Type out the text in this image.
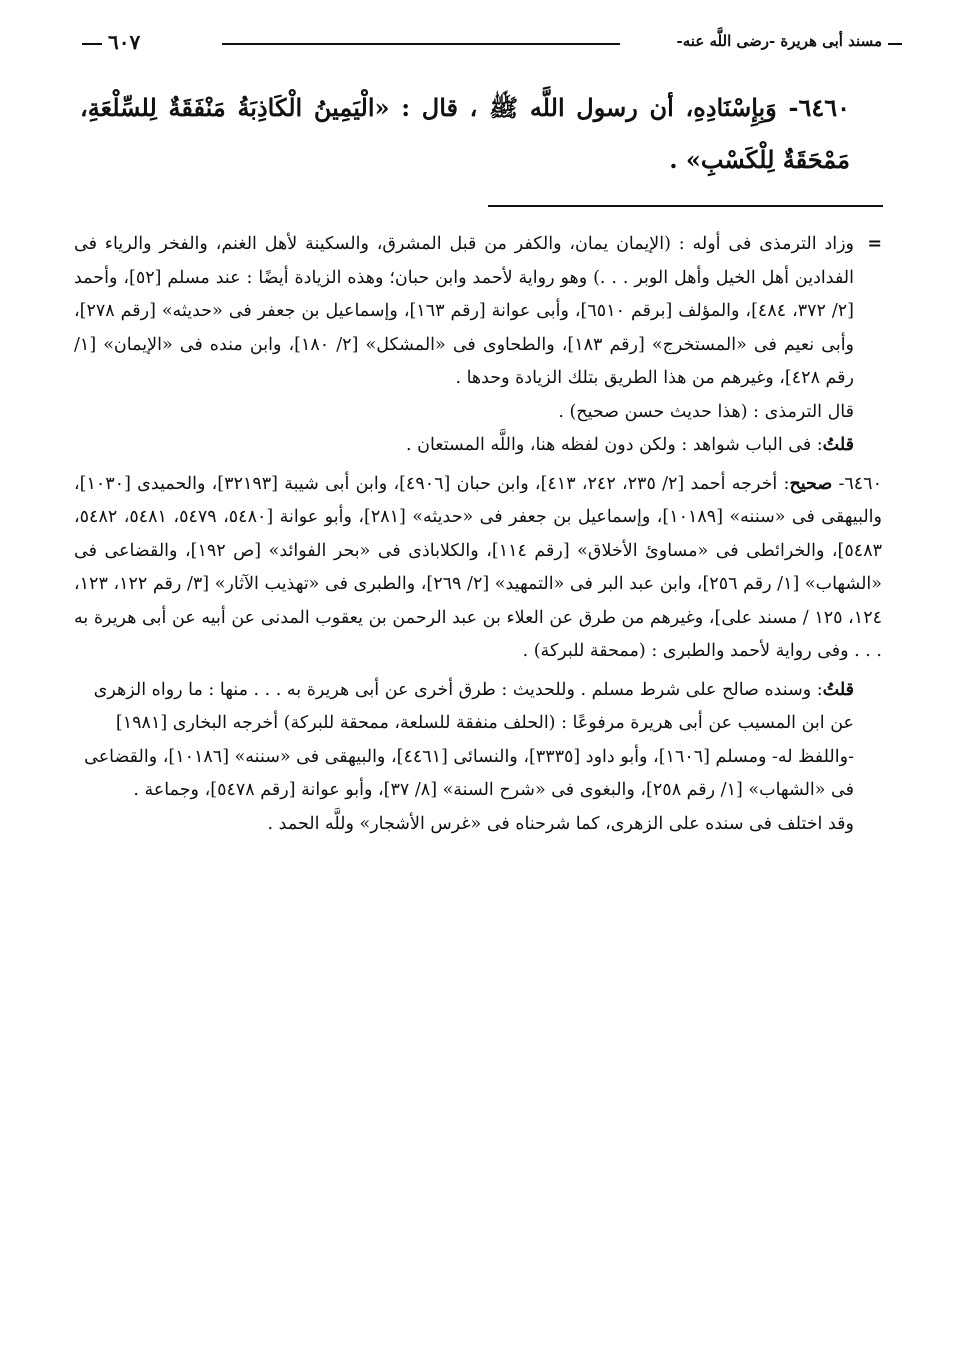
مسند أبى هريرة -رضى اللَّه عنه-
٦٠٧
٦٤٦٠- وَبِإِسْنَادِهِ، أن رسول اللَّه ﷺ ، قال : «الْيَمِينُ الْكَاذِبَةُ مَنْفَقَةٌ لِلسِّلْعَةِ، مَمْحَقَةٌ لِلْكَسْبِ» .
=
وزاد الترمذى فى أوله : (الإيمان يمان، والكفر من قبل المشرق، والسكينة لأهل الغنم، والفخر والرياء فى الفدادين أهل الخيل وأهل الوبر . . .) وهو رواية لأحمد وابن حبان؛ وهذه الزيادة أيضًا : عند مسلم [٥٢]، وأحمد [٢/ ٣٧٢، ٤٨٤]، والمؤلف [برقم ٦٥١٠]، وأبى عوانة [رقم ١٦٣]، وإسماعيل بن جعفر فى «حديثه» [رقم ٢٧٨]، وأبى نعيم فى «المستخرج» [رقم ١٨٣]، والطحاوى فى «المشكل» [٢/ ١٨٠]، وابن منده فى «الإيمان» [١/ رقم ٤٢٨]، وغيرهم من هذا الطريق بتلك الزيادة وحدها .
قال الترمذى : (هذا حديث حسن صحيح) .
قلتُ: فى الباب شواهد : ولكن دون لفظه هنا، واللَّه المستعان .
٦٤٦٠- صحيح: أخرجه أحمد [٢/ ٢٣٥، ٢٤٢، ٤١٣]، وابن حبان [٤٩٠٦]، وابن أبى شيبة [٣٢١٩٣]، والحميدى [١٠٣٠]، والبيهقى فى «سننه» [١٠١٨٩]، وإسماعيل بن جعفر فى «حديثه» [٢٨١]، وأبو عوانة [٥٤٨٠، ٥٤٧٩، ٥٤٨١، ٥٤٨٢، ٥٤٨٣]، والخرائطى فى «مساوئ الأخلاق» [رقم ١١٤]، والكلاباذى فى «بحر الفوائد» [ص ١٩٢]، والقضاعى فى «الشهاب» [١/ رقم ٢٥٦]، وابن عبد البر فى «التمهيد» [٢/ ٢٦٩]، والطبرى فى «تهذيب الآثار» [٣/ رقم ١٢٢، ١٢٣، ١٢٤، ١٢٥ / مسند على]، وغيرهم من طرق عن العلاء بن عبد الرحمن بن يعقوب المدنى عن أبيه عن أبى هريرة به . . . وفى رواية لأحمد والطبرى : (ممحقة للبركة) .
قلتُ: وسنده صالح على شرط مسلم . وللحديث : طرق أخرى عن أبى هريرة به . . . منها : ما رواه الزهرى عن ابن المسيب عن أبى هريرة مرفوعًا : (الحلف منفقة للسلعة، ممحقة للبركة) أخرجه البخارى [١٩٨١] -واللفظ له- ومسلم [١٦٠٦]، وأبو داود [٣٣٣٥]، والنسائى [٤٤٦١]، والبيهقى فى «سننه» [١٠١٨٦]، والقضاعى فى «الشهاب» [١/ رقم ٢٥٨]، والبغوى فى «شرح السنة» [٨/ ٣٧]، وأبو عوانة [رقم ٥٤٧٨]، وجماعة .
وقد اختلف فى سنده على الزهرى، كما شرحناه فى «غرس الأشجار» وللَّه الحمد .
